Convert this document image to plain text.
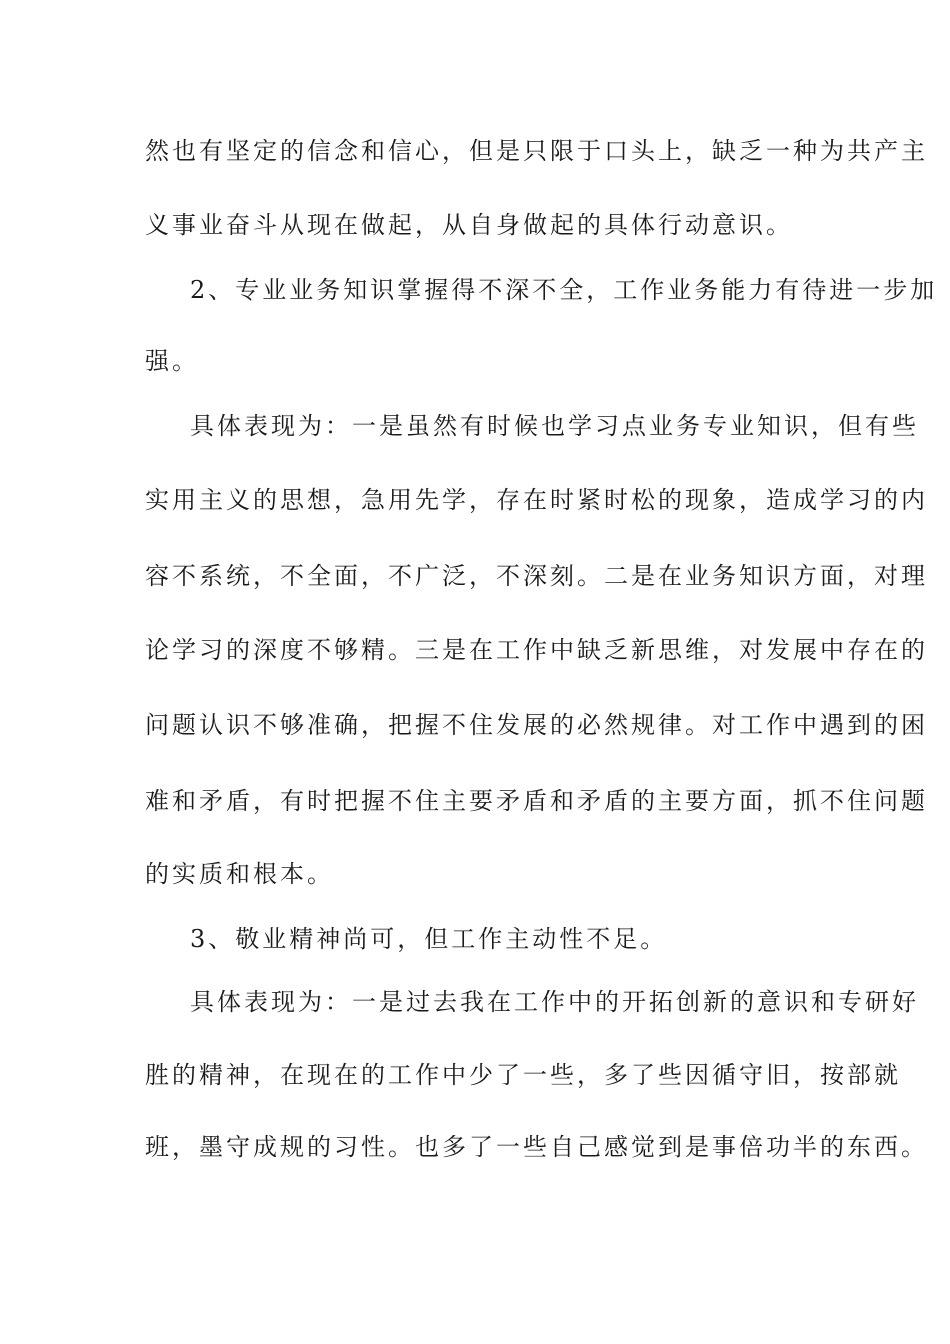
然也有坚定的信念和信心，但是只限于口头上，缺乏一种为共产主
义事业奋斗从现在做起，从自身做起的具体行动意识。
2、专业业务知识掌握得不深不全，工作业务能力有待进一步加
强。
具体表现为：一是虽然有时候也学习点业务专业知识，但有些
实用主义的思想，急用先学，存在时紧时松的现象，造成学习的内
容不系统，不全面，不广泛，不深刻。二是在业务知识方面，对理
论学习的深度不够精。三是在工作中缺乏新思维，对发展中存在的
问题认识不够准确，把握不住发展的必然规律。对工作中遇到的困
难和矛盾，有时把握不住主要矛盾和矛盾的主要方面，抓不住问题
的实质和根本。
3、敬业精神尚可，但工作主动性不足。
具体表现为：一是过去我在工作中的开拓创新的意识和专研好
胜的精神，在现在的工作中少了一些，多了些因循守旧，按部就
班，墨守成规的习性。也多了一些自己感觉到是事倍功半的东西。
